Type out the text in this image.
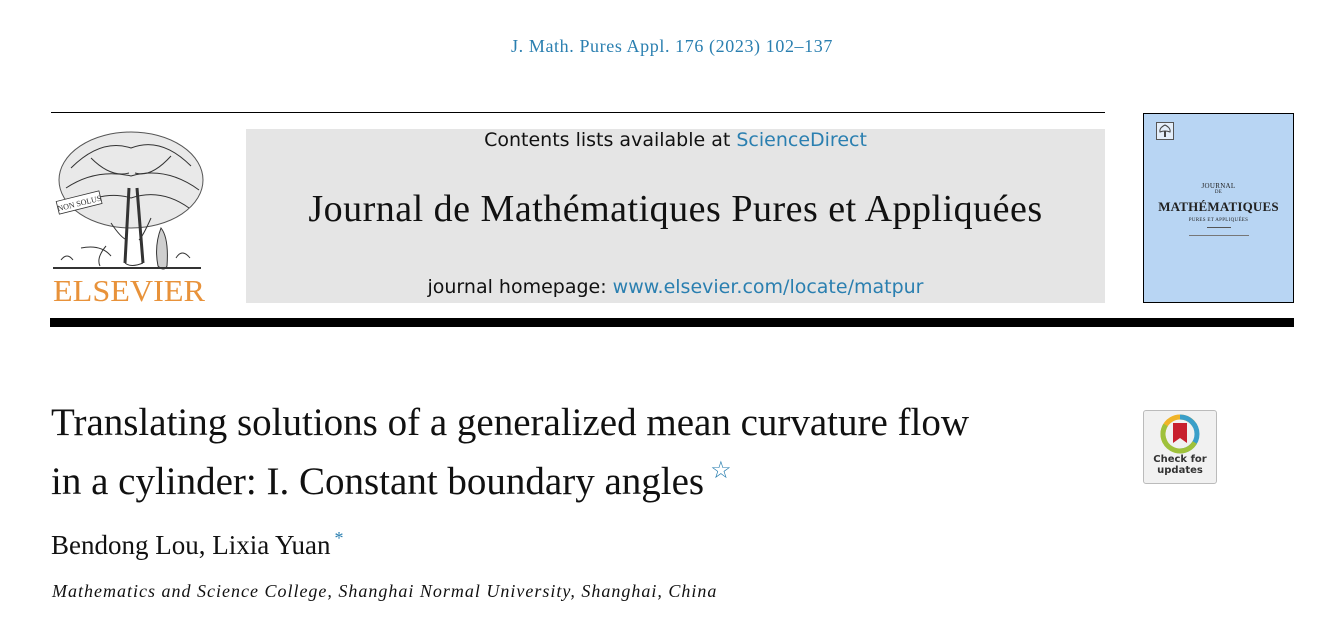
J. Math. Pures Appl. 176 (2023) 102–137
NON SOLUS
ELSEVIER
Contents lists available at ScienceDirect
Journal de Mathématiques Pures et Appliquées
journal homepage: www.elsevier.com/locate/matpur
JOURNAL
DE
MATHÉMATIQUES
PURES ET APPLIQUÉES
Translating solutions of a generalized mean curvature flow
in a cylinder: I. Constant boundary angles ☆
Bendong Lou, Lixia Yuan *
Mathematics and Science College, Shanghai Normal University, Shanghai, China
Check for
updates
